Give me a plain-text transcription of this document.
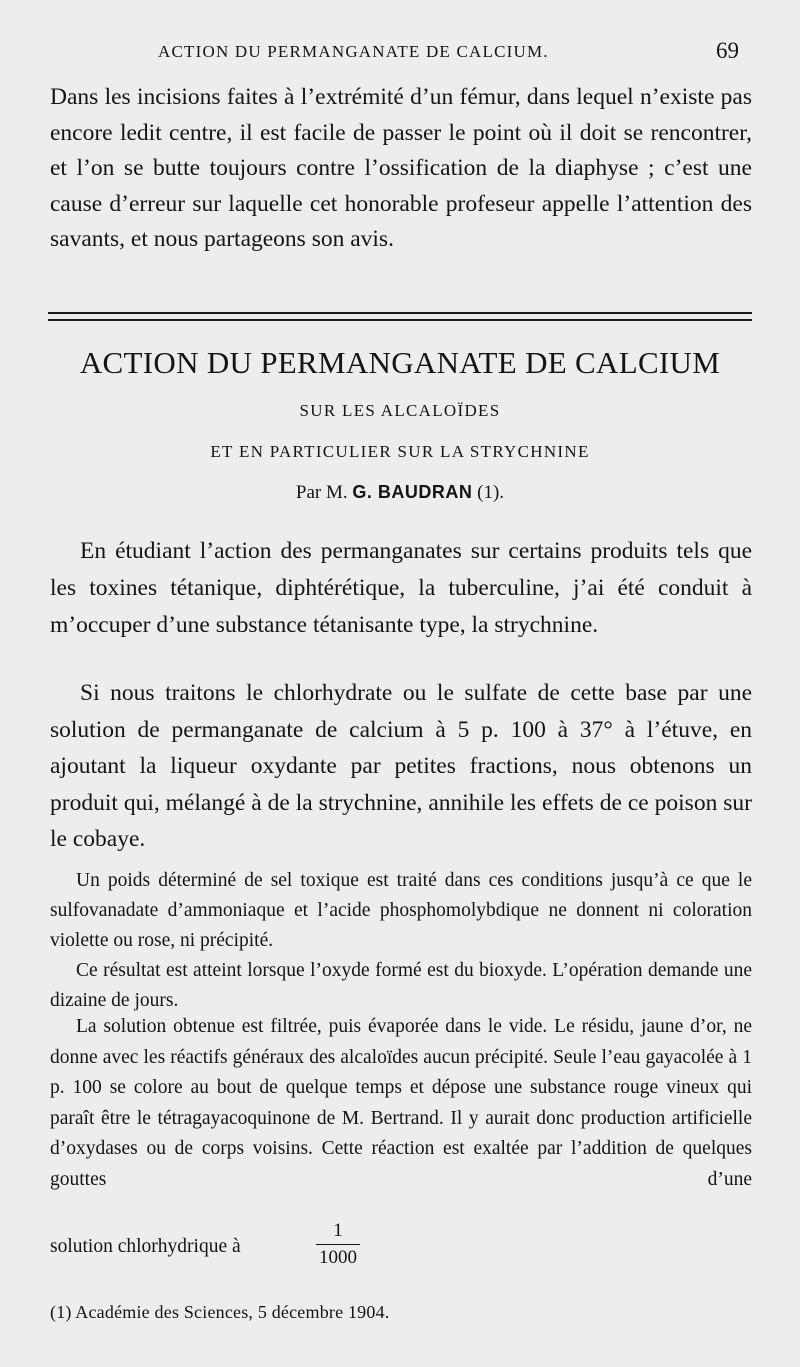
ACTION DU PERMANGANATE DE CALCIUM.	69

Dans les incisions faites à l’extrémité d’un fémur, dans lequel n’existe pas encore ledit centre, il est facile de passer le point où il doit se rencontrer, et l’on se butte toujours contre l’ossification de la diaphyse ; c’est une cause d’erreur sur laquelle cet honorable profeseur appelle l’attention des savants, et nous partageons son avis.

ACTION DU PERMANGANATE DE CALCIUM

SUR LES ALCALOÏDES

ET EN PARTICULIER SUR LA STRYCHNINE

Par M. G. BAUDRAN (1).

En étudiant l’action des permanganates sur certains produits tels que les toxines tétanique, diphtérétique, la tuberculine, j’ai été conduit à m’occuper d’une substance tétanisante type, la strychnine.

Si nous traitons le chlorhydrate ou le sulfate de cette base par une solution de permanganate de calcium à 5 p. 100 à 37° à l’étuve, en ajoutant la liqueur oxydante par petites fractions, nous obtenons un produit qui, mélangé à de la strychnine, annihile les effets de ce poison sur le cobaye.

Un poids déterminé de sel toxique est traité dans ces conditions jusqu’à ce que le sulfovanadate d’ammoniaque et l’acide phosphomolybdique ne donnent ni coloration violette ou rose, ni précipité.

Ce résultat est atteint lorsque l’oxyde formé est du bioxyde. L’opération demande une dizaine de jours.

La solution obtenue est filtrée, puis évaporée dans le vide. Le résidu, jaune d’or, ne donne avec les réactifs généraux des alcaloïdes aucun précipité. Seule l’eau gayacolée à 1 p. 100 se colore au bout de quelque temps et dépose une substance rouge vineux qui paraît être le tétragayacoquinone de M. Bertrand. Il y aurait donc production artificielle d’oxydases ou de corps voisins. Cette réaction est exaltée par l’addition de quelques gouttes d’une

solution chlorhydrique à
1
1000

(1) Académie des Sciences, 5 décembre 1904.
